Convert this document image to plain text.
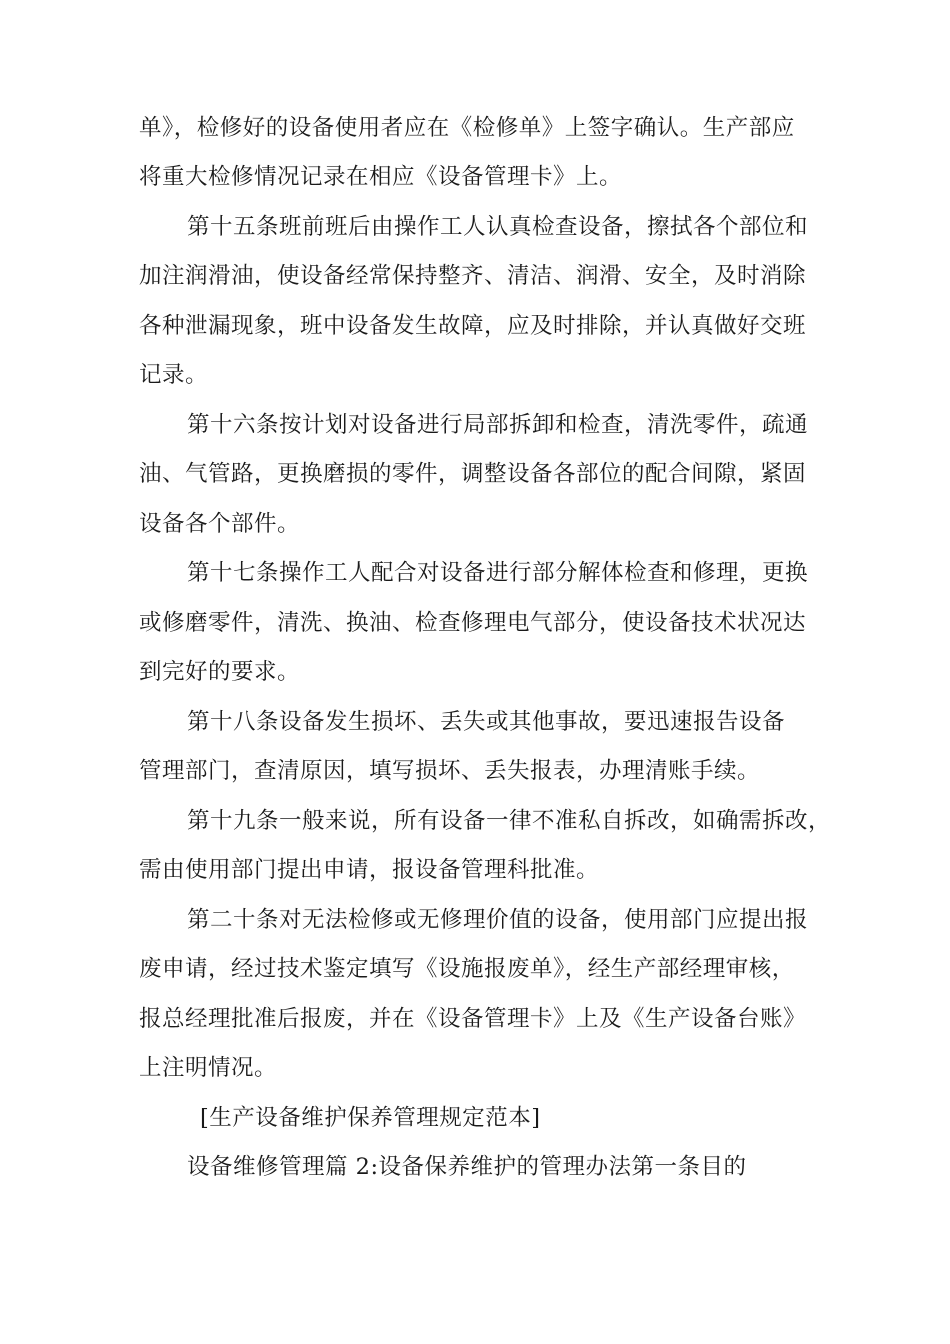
单》，检修好的设备使用者应在《检修单》上签字确认。生产部应
将重大检修情况记录在相应《设备管理卡》上。
第十五条班前班后由操作工人认真检查设备，擦拭各个部位和
加注润滑油，使设备经常保持整齐、清洁、润滑、安全，及时消除
各种泄漏现象，班中设备发生故障，应及时排除，并认真做好交班
记录。
第十六条按计划对设备进行局部拆卸和检查，清洗零件，疏通
油、气管路，更换磨损的零件，调整设备各部位的配合间隙，紧固
设备各个部件。
第十七条操作工人配合对设备进行部分解体检查和修理，更换
或修磨零件，清洗、换油、检查修理电气部分，使设备技术状况达
到完好的要求。
第十八条设备发生损坏、丢失或其他事故，要迅速报告设备
管理部门，查清原因，填写损坏、丢失报表，办理清账手续。
第十九条一般来说，所有设备一律不准私自拆改，如确需拆改，
需由使用部门提出申请，报设备管理科批准。
第二十条对无法检修或无修理价值的设备，使用部门应提出报
废申请，经过技术鉴定填写《设施报废单》，经生产部经理审核，
报总经理批准后报废，并在《设备管理卡》上及《生产设备台账》
上注明情况。
[生产设备维护保养管理规定范本]
设备维修管理篇 2:设备保养维护的管理办法第一条目的
